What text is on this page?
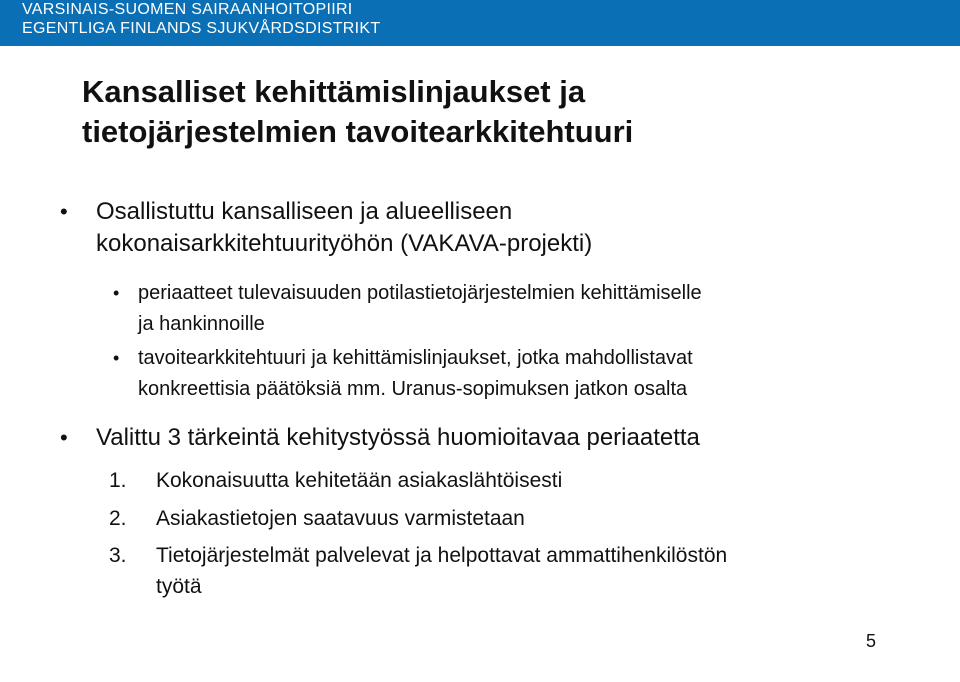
VARSINAIS-SUOMEN SAIRAANHOITOPIIRI
EGENTLIGA FINLANDS SJUKVÅRDSDISTRIKT
Kansalliset kehittämislinjaukset ja
tietojärjestelmien tavoitearkkitehtuuri
• Osallistuttu kansalliseen ja alueelliseen
kokonaisarkkitehtuurityöhön (VAKAVA-projekti)
• periaatteet tulevaisuuden potilastietojärjestelmien kehittämiselle
ja hankinnoille
• tavoitearkkitehtuuri ja kehittämislinjaukset, jotka mahdollistavat
konkreettisia päätöksiä mm. Uranus-sopimuksen jatkon osalta
• Valittu 3 tärkeintä kehitystyössä huomioitavaa periaatetta
1. Kokonaisuutta kehitetään asiakaslähtöisesti
2. Asiakastietojen saatavuus varmistetaan
3. Tietojärjestelmät palvelevat ja helpottavat ammattihenkilöstön
työtä
5
